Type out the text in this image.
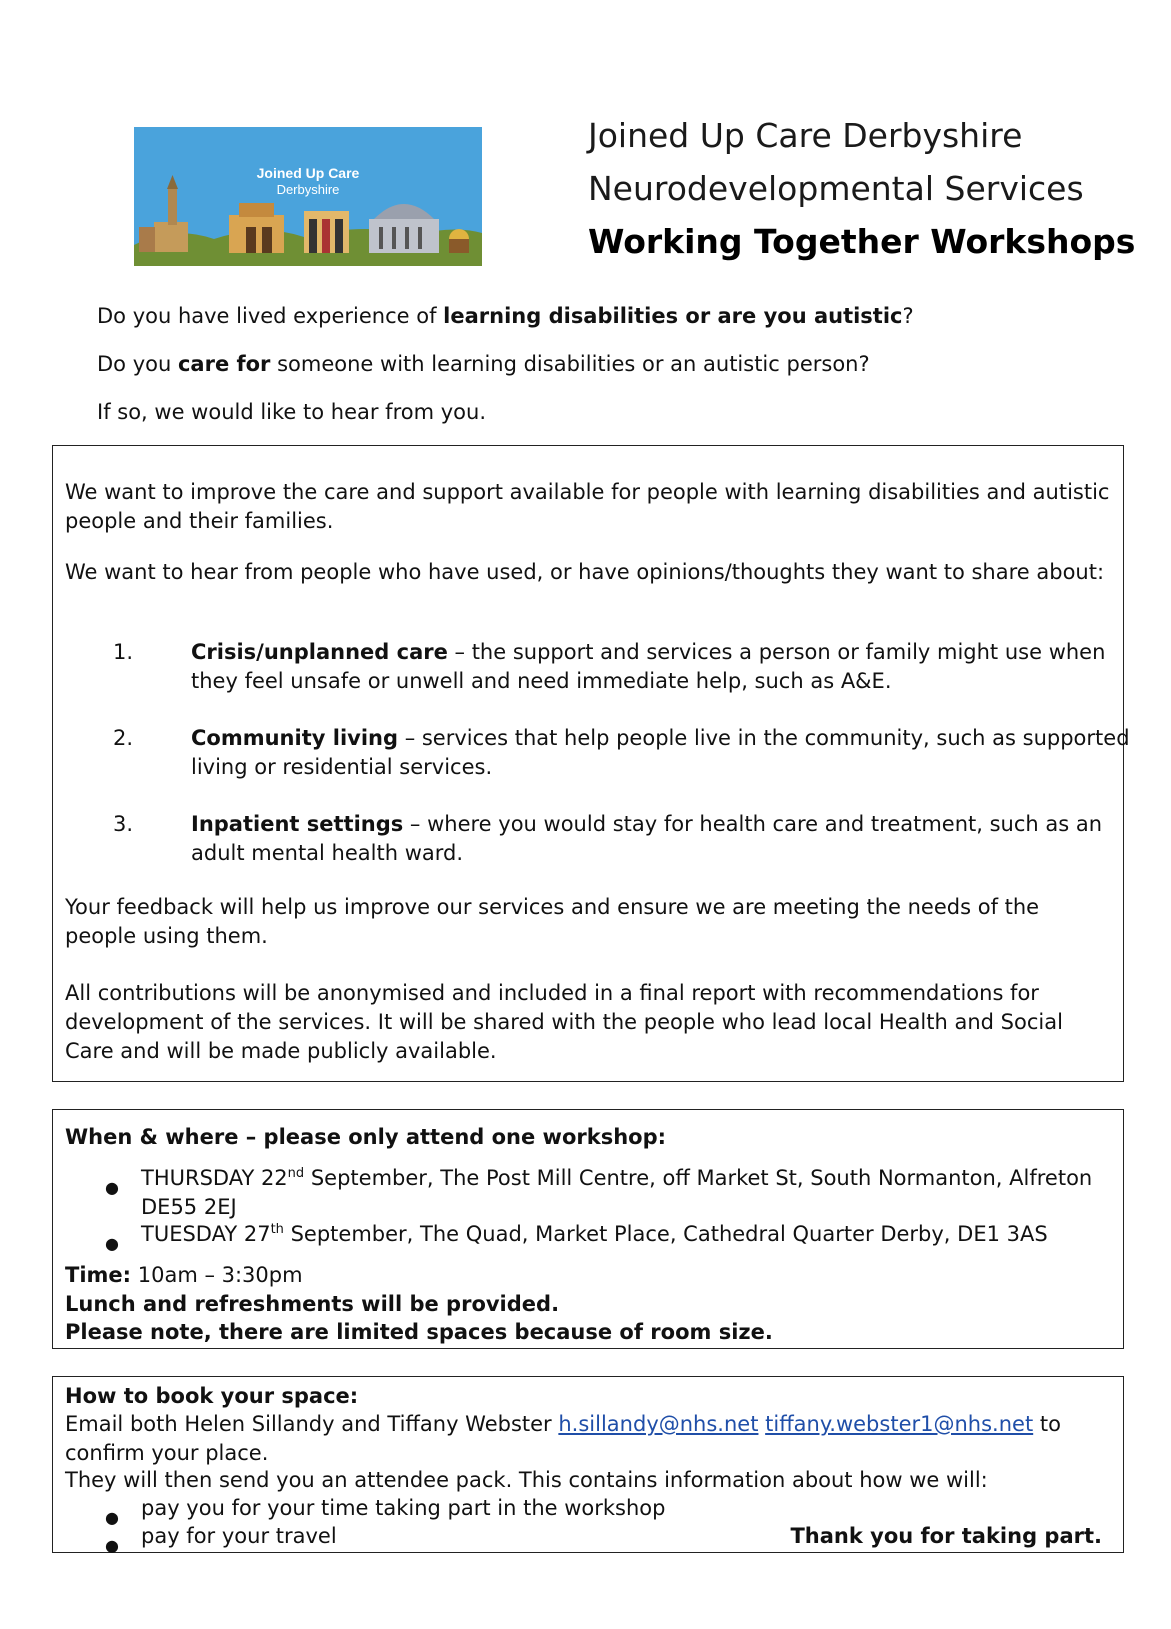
Joined Up Care
Derbyshire
Joined Up Care Derbyshire
Neurodevelopmental Services
Working Together Workshops
Do you have lived experience of learning disabilities or are you autistic?
Do you care for someone with learning disabilities or an autistic person?
If so, we would like to hear from you.

We want to improve the care and support available for people with learning disabilities and autistic people and their families.

We want to hear from people who have used, or have opinions/thoughts they want to share about:

1.	Crisis/unplanned care – the support and services a person or family might use when they feel unsafe or unwell and need immediate help, such as A&E.
2.	Community living – services that help people live in the community, such as supported living or residential services.
3.	Inpatient settings – where you would stay for health care and treatment, such as an adult mental health ward.

Your feedback will help us improve our services and ensure we are meeting the needs of the people using them.

All contributions will be anonymised and included in a final report with recommendations for development of the services. It will be shared with the people who lead local Health and Social Care and will be made publicly available.

When & where – please only attend one workshop:

● THURSDAY 22nd September, The Post Mill Centre, off Market St, South Normanton, Alfreton DE55 2EJ

● TUESDAY 27th September, The Quad, Market Place, Cathedral Quarter Derby, DE1 3AS

Time: 10am – 3:30pm

Lunch and refreshments will be provided.

Please note, there are limited spaces because of room size.

How to book your space:

Email both Helen Sillandy and Tiffany Webster h.sillandy@nhs.net tiffany.webster1@nhs.net to confirm your place.

They will then send you an attendee pack. This contains information about how we will:

● pay you for your time taking part in the workshop

● pay for your travel	Thank you for taking part.
